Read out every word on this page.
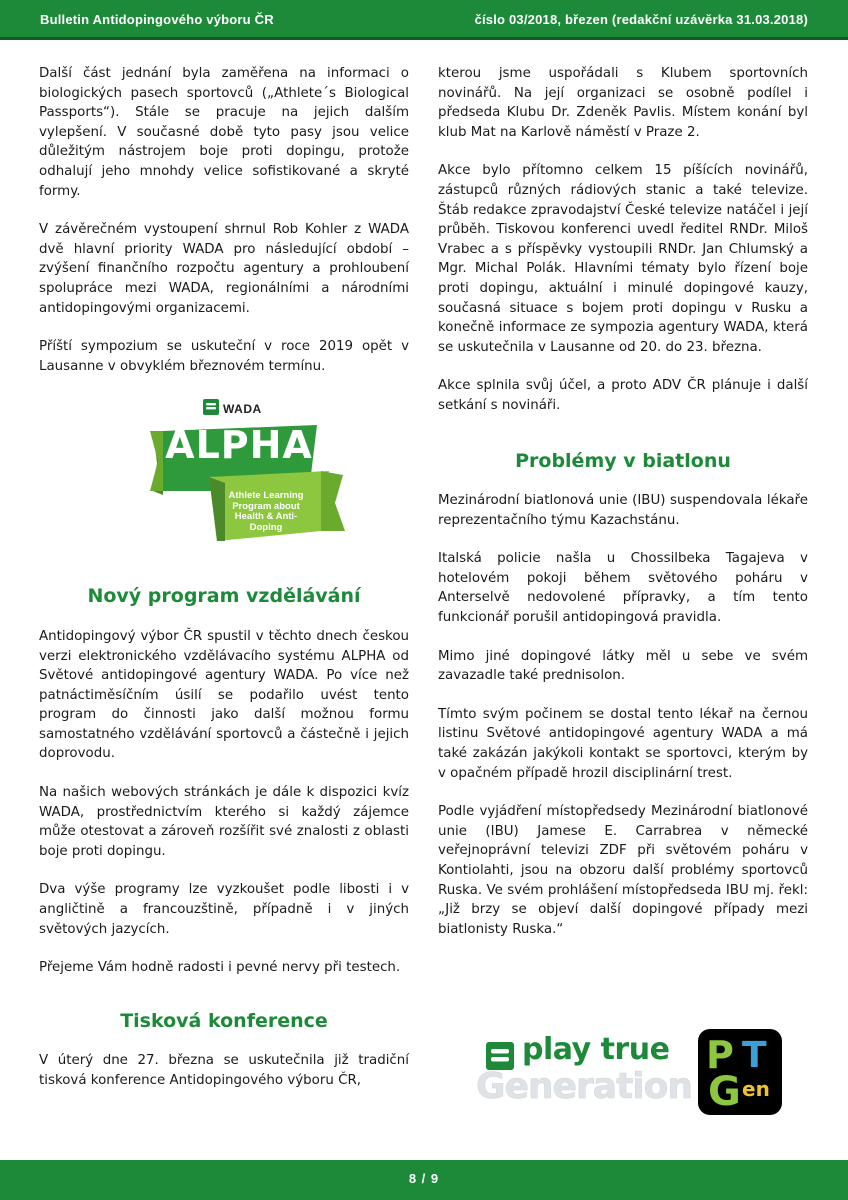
Bulletin Antidopingového výboru ČR	číslo 03/2018, březen (redakční uzávěrka 31.03.2018)

Další část jednání byla zaměřena na informaci o biologických pasech sportovců („Athlete´s Biological Passports“). Stále se pracuje na jejich dalším vylepšení. V současné době tyto pasy jsou velice důležitým nástrojem boje proti dopingu, protože odhalují jeho mnohdy velice sofistikované a skryté formy.

V závěrečném vystoupení shrnul Rob Kohler z WADA dvě hlavní priority WADA pro následující období – zvýšení finančního rozpočtu agentury a prohloubení spolupráce mezi WADA, regionálními a národními antidopingovými organizacemi.

Příští sympozium se uskuteční v roce 2019 opět v Lausanne v obvyklém březnovém termínu.

WADA
ALPHA
Athlete Learning
Program about
Health & Anti-Doping
Nový program vzdělávání

Antidopingový výbor ČR spustil v těchto dnech českou verzi elektronického vzdělávacího systému ALPHA od Světové antidopingové agentury WADA. Po více než patnáctiměsíčním úsilí se podařilo uvést tento program do činnosti jako další možnou formu samostatného vzdělávání sportovců a částečně i jejich doprovodu.

Na našich webových stránkách je dále k dispozici kvíz WADA, prostřednictvím kterého si každý zájemce může otestovat a zároveň rozšířit své znalosti z oblasti boje proti dopingu.

Dva výše programy lze vyzkoušet podle libosti i v angličtině a francouzštině, případně i v jiných světových jazycích.

Přejeme Vám hodně radosti i pevné nervy při testech.

Tisková konference

V úterý dne 27. března se uskutečnila již tradiční tisková konference Antidopingového výboru ČR,

kterou jsme uspořádali s Klubem sportovních novinářů. Na její organizaci se osobně podílel i předseda Klubu Dr. Zdeněk Pavlis. Místem konání byl klub Mat na Karlově náměstí v Praze 2.

Akce bylo přítomno celkem 15 píšících novinářů, zástupců různých rádiových stanic a také televize. Štáb redakce zpravodajství České televize natáčel i její průběh. Tiskovou konferenci uvedl ředitel RNDr. Miloš Vrabec a s příspěvky vystoupili RNDr. Jan Chlumský a Mgr. Michal Polák. Hlavními tématy bylo řízení boje proti dopingu, aktuální i minulé dopingové kauzy, současná situace s bojem proti dopingu v Rusku a konečně informace ze sympozia agentury WADA, která se uskutečnila v Lausanne od 20. do 23. března.

Akce splnila svůj účel, a proto ADV ČR plánuje i další setkání s novináři.

Problémy v biatlonu

Mezinárodní biatlonová unie (IBU) suspendovala lékaře reprezentačního týmu Kazachstánu.

Italská policie našla u Chossilbeka Tagajeva v hotelovém pokoji během světového poháru v Anterselvě nedovolené přípravky, a tím tento funkcionář porušil antidopingová pravidla.

Mimo jiné dopingové látky měl u sebe ve svém zavazadle také prednisolon.

Tímto svým počinem se dostal tento lékař na černou listinu Světové antidopingové agentury WADA a má také zakázán jakýkoli kontakt se sportovci, kterým by v opačném případě hrozil disciplinární trest.

Podle vyjádření místopředsedy Mezinárodní biatlonové unie (IBU) Jamese E. Carrabrea v německé veřejnoprávní televizi ZDF při světovém poháru v Kontiolahti, jsou na obzoru další problémy sportovců Ruska. Ve svém prohlášení místopředseda IBU mj. řekl: „Již brzy se objeví další dopingové případy mezi biatlonisty Ruska.“

play true
Generation
P T
G en
8 / 9
